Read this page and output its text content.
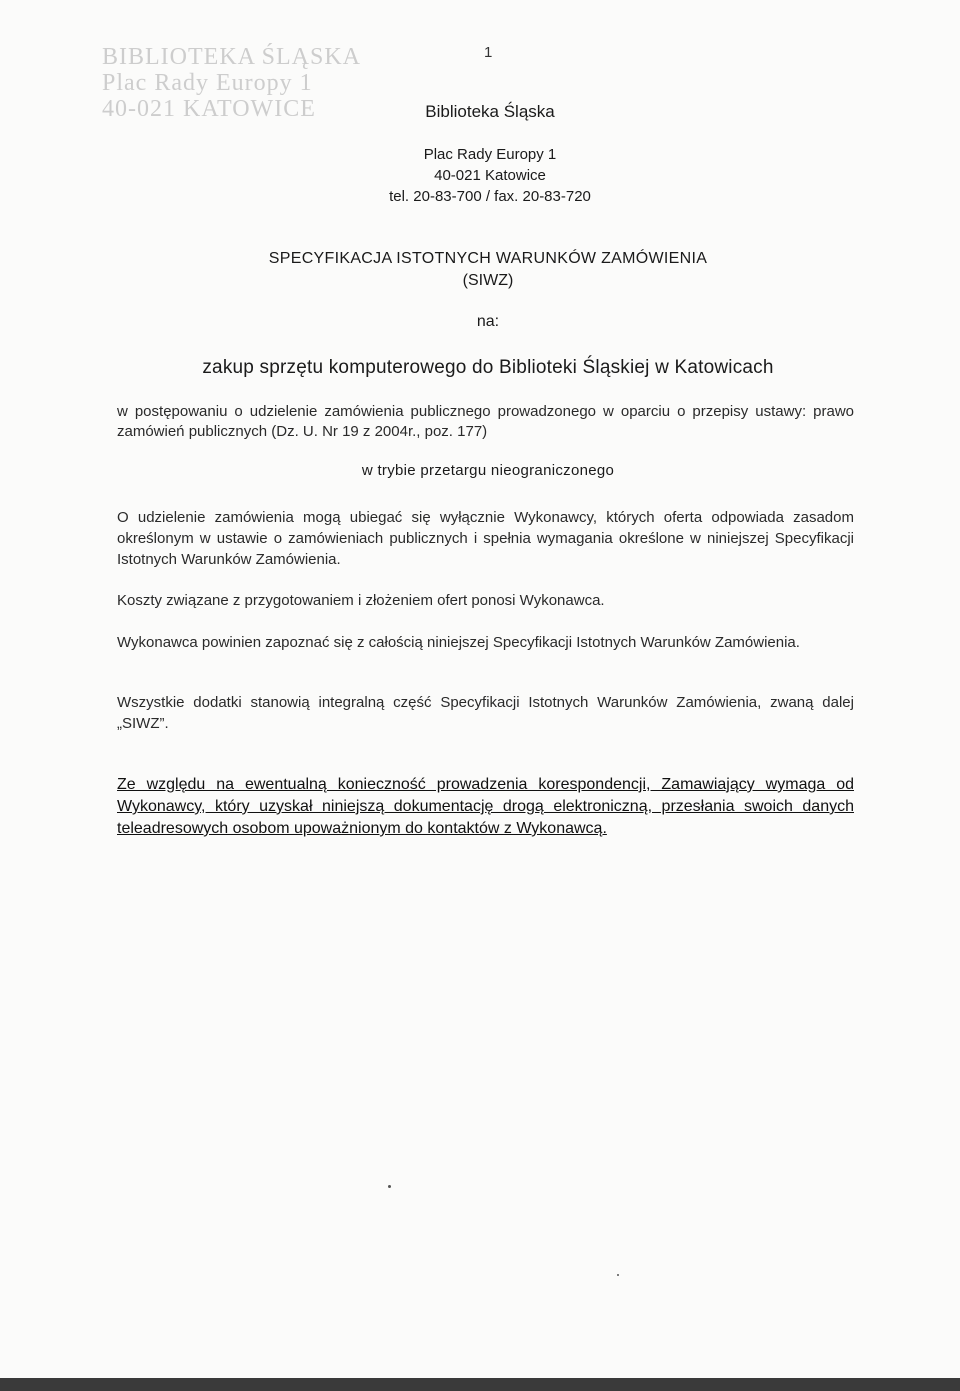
BIBLIOTEKA ŚLĄSKA
Plac Rady Europy 1
40-021 KATOWICE
1
Biblioteka Śląska
Plac Rady Europy 1
40-021 Katowice
tel. 20-83-700 / fax. 20-83-720
SPECYFIKACJA ISTOTNYCH WARUNKÓW ZAMÓWIENIA
(SIWZ)
na:
zakup sprzętu komputerowego do Biblioteki Śląskiej w Katowicach
w postępowaniu o udzielenie zamówienia publicznego prowadzonego w oparciu o przepisy ustawy: prawo zamówień publicznych (Dz. U. Nr 19 z 2004r., poz. 177)
w trybie przetargu nieograniczonego
O udzielenie zamówienia mogą ubiegać się wyłącznie Wykonawcy, których oferta odpowiada zasadom określonym w ustawie o zamówieniach publicznych i spełnia wymagania określone w niniejszej Specyfikacji Istotnych Warunków Zamówienia.
Koszty związane z przygotowaniem i złożeniem ofert ponosi Wykonawca.
Wykonawca powinien zapoznać się z całością niniejszej Specyfikacji Istotnych Warunków Zamówienia.
Wszystkie dodatki stanowią integralną część Specyfikacji Istotnych Warunków Zamówienia, zwaną dalej „SIWZ”.
Ze względu na ewentualną konieczność prowadzenia korespondencji, Zamawiający wymaga od Wykonawcy, który uzyskał niniejszą dokumentację drogą elektroniczną, przesłania swoich danych teleadresowych osobom upoważnionym do kontaktów z Wykonawcą.
